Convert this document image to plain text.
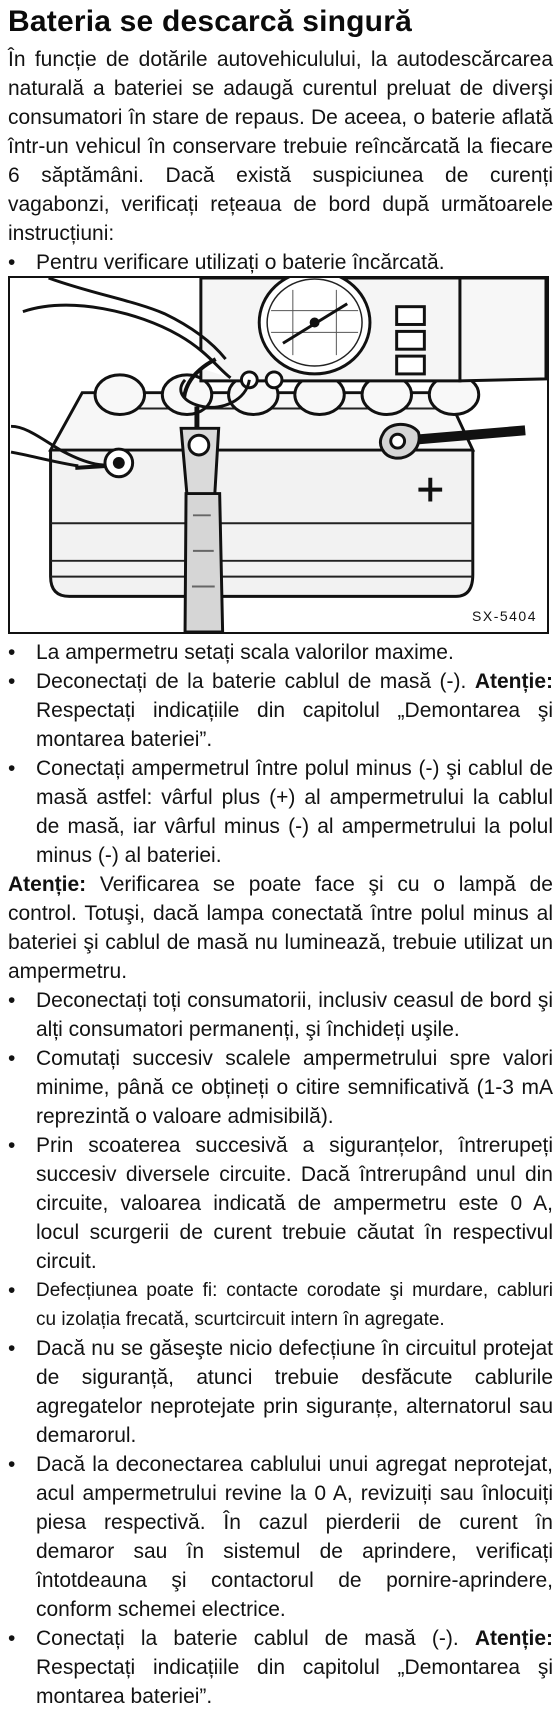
Bateria se descarcă singură
În funcție de dotările autovehiculului, la autodescărcarea naturală a bateriei se adaugă curentul preluat de diverşi consumatori în stare de repaus. De aceea, o baterie aflată într-un vehicul în conservare trebuie reîncărcată la fiecare 6 săptămâni. Dacă există suspiciunea de curenți vagabonzi, verificați rețeaua de bord după următoarele instrucțiuni:
• Pentru verificare utilizați o baterie încărcată.
SX-5404

• La ampermetru setați scala valorilor maxime.

• Deconectați de la baterie cablul de masă (-). Atenție: Respectați indicațiile din capitolul „Demontarea şi montarea bateriei”.

• Conectați ampermetrul între polul minus (-) şi cablul de masă astfel: vârful plus (+) al ampermetrului la cablul de masă, iar vârful minus (-) al ampermetrului la polul minus (-) al bateriei.

Atenție: Verificarea se poate face şi cu o lampă de control. Totuşi, dacă lampa conectată între polul minus al bateriei şi cablul de masă nu luminează, trebuie utilizat un ampermetru.

• Deconectați toți consumatorii, inclusiv ceasul de bord şi alți consumatori permanenți, şi închideți uşile.

• Comutați succesiv scalele ampermetrului spre valori minime, până ce obțineți o citire semnificativă (1-3 mA reprezintă o valoare admisibilă).

• Prin scoaterea succesivă a siguranțelor, întrerupeți succesiv diversele circuite. Dacă întrerupând unul din circuite, valoarea indicată de ampermetru este 0 A, locul scurgerii de curent trebuie căutat în respectivul circuit.

• Defecțiunea poate fi: contacte corodate şi murdare, cabluri cu izolația frecată, scurtcircuit intern în agregate.

• Dacă nu se găseşte nicio defecțiune în circuitul protejat de siguranță, atunci trebuie desfăcute cablurile agregatelor neprotejate prin siguranțe, alternatorul sau demarorul.

• Dacă la deconectarea cablului unui agregat neprotejat, acul ampermetrului revine la 0 A, revizuiți sau înlocuiți piesa respectivă. În cazul pierderii de curent în demaror sau în sistemul de aprindere, verificați întotdeauna şi contactorul de pornire-aprindere, conform schemei electrice.

• Conectați la baterie cablul de masă (-). Atenție: Respectați indicațiile din capitolul „Demontarea şi montarea bateriei”.
